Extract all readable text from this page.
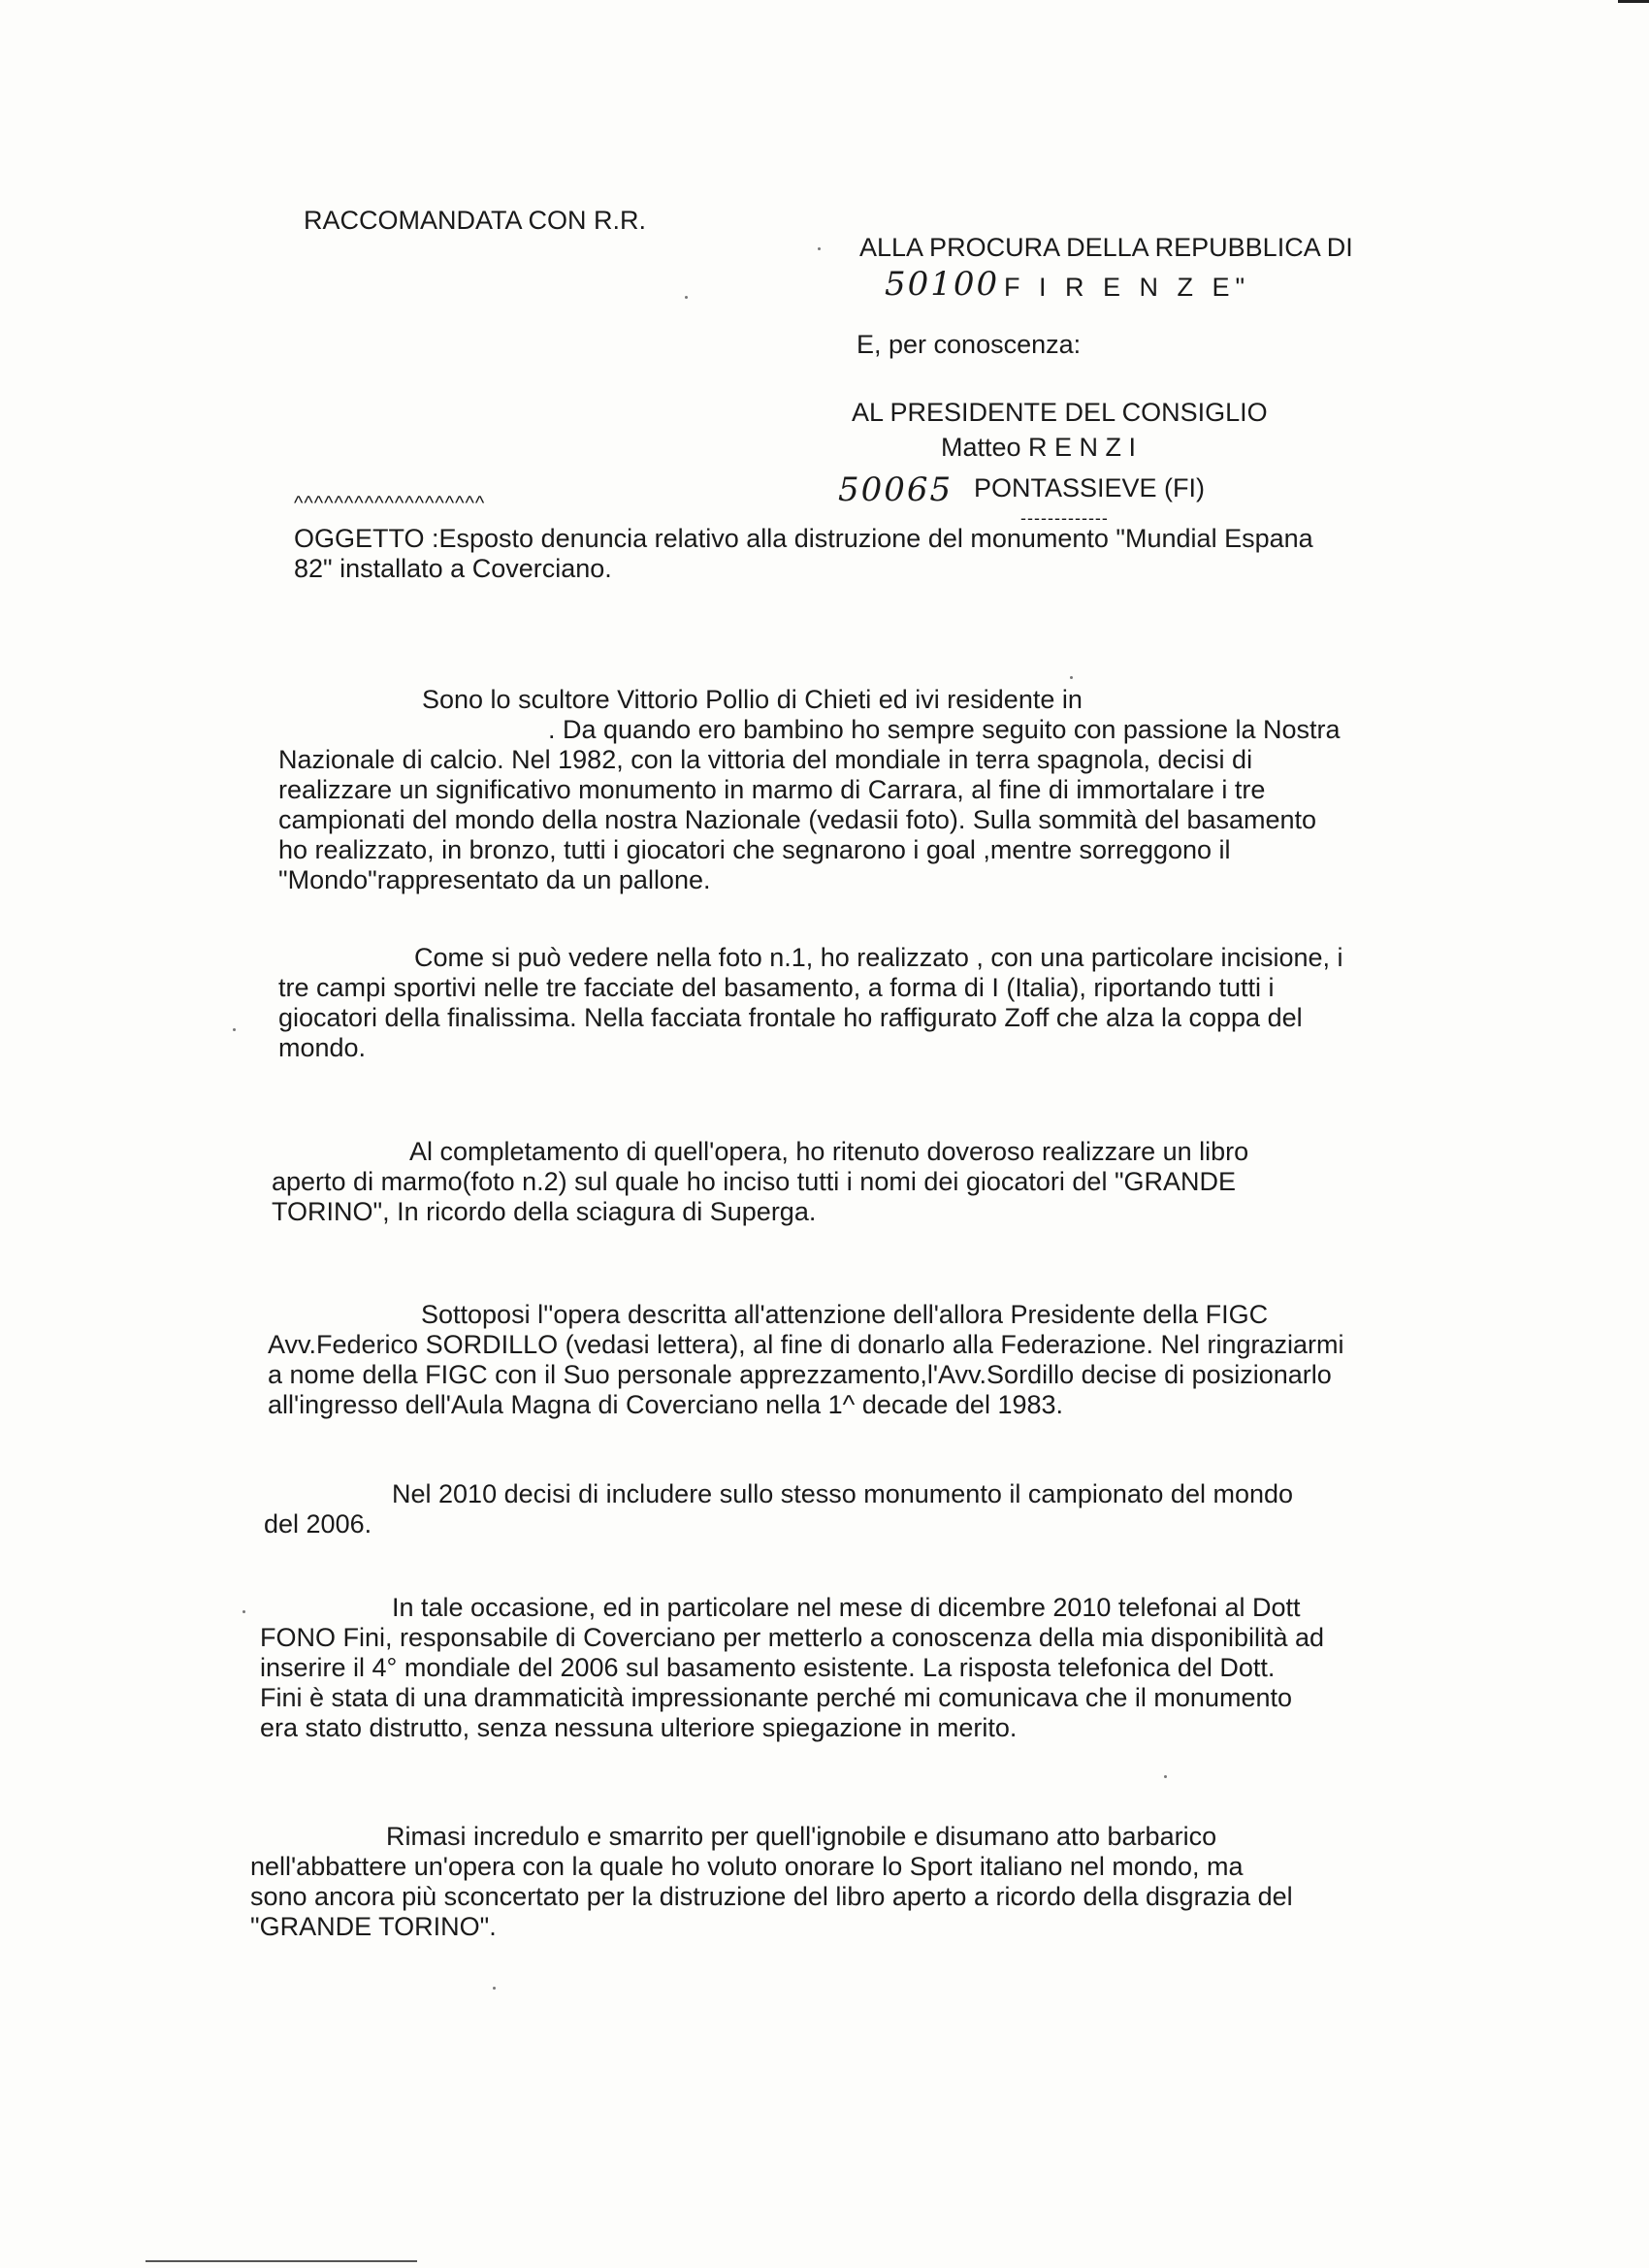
RACCOMANDATA CON R.R.
ALLA PROCURA DELLA REPUBBLICA DI
50100 F I R E N Z E"
E, per conoscenza:
AL PRESIDENTE DEL CONSIGLIO
Matteo R E N Z I
50065 PONTASSIEVE (FI)
-------------
^^^^^^^^^^^^^^^^^^^
OGGETTO :Esposto denuncia relativo alla distruzione del monumento "Mundial Espana
82" installato a Coverciano.
Sono lo scultore Vittorio Pollio di Chieti ed ivi residente in
. Da quando ero bambino ho sempre seguito con passione la Nostra
Nazionale di calcio. Nel 1982, con la vittoria del mondiale in terra spagnola, decisi di
realizzare un significativo monumento in marmo di Carrara, al fine di immortalare i tre
campionati del mondo della nostra Nazionale (vedasii foto). Sulla sommità del basamento
ho realizzato, in bronzo, tutti i giocatori che segnarono i goal ,mentre sorreggono il
"Mondo"rappresentato da un pallone.
Come si può vedere nella foto n.1, ho realizzato , con una particolare incisione, i
tre campi sportivi nelle tre facciate del basamento, a forma di I (Italia), riportando tutti i
giocatori della finalissima. Nella facciata frontale ho raffigurato Zoff che alza la coppa del
mondo.
Al completamento di quell'opera, ho ritenuto doveroso realizzare un libro
aperto di marmo(foto n.2) sul quale ho inciso tutti i nomi dei giocatori del "GRANDE
TORINO", In ricordo della sciagura di Superga.
Sottoposi l''opera descritta all'attenzione dell'allora Presidente della FIGC
Avv.Federico SORDILLO (vedasi lettera), al fine di donarlo alla Federazione. Nel ringraziarmi
a nome della FIGC con il Suo personale apprezzamento,l'Avv.Sordillo decise di posizionarlo
all'ingresso dell'Aula Magna di Coverciano nella 1^ decade del 1983.
Nel 2010 decisi di includere sullo stesso monumento il campionato del mondo
del 2006.
In tale occasione, ed in particolare nel mese di dicembre 2010 telefonai al Dott
FONO Fini, responsabile di Coverciano per metterlo a conoscenza della mia disponibilità ad
inserire il 4° mondiale del 2006 sul basamento esistente. La risposta telefonica del Dott.
Fini è stata di una drammaticità impressionante perché mi comunicava che il monumento
era stato distrutto, senza nessuna ulteriore spiegazione in merito.
Rimasi incredulo e smarrito per quell'ignobile e disumano atto barbarico
nell'abbattere un'opera con la quale ho voluto onorare lo Sport italiano nel mondo, ma
sono ancora più sconcertato per la distruzione del libro aperto a ricordo della disgrazia del
"GRANDE TORINO".
